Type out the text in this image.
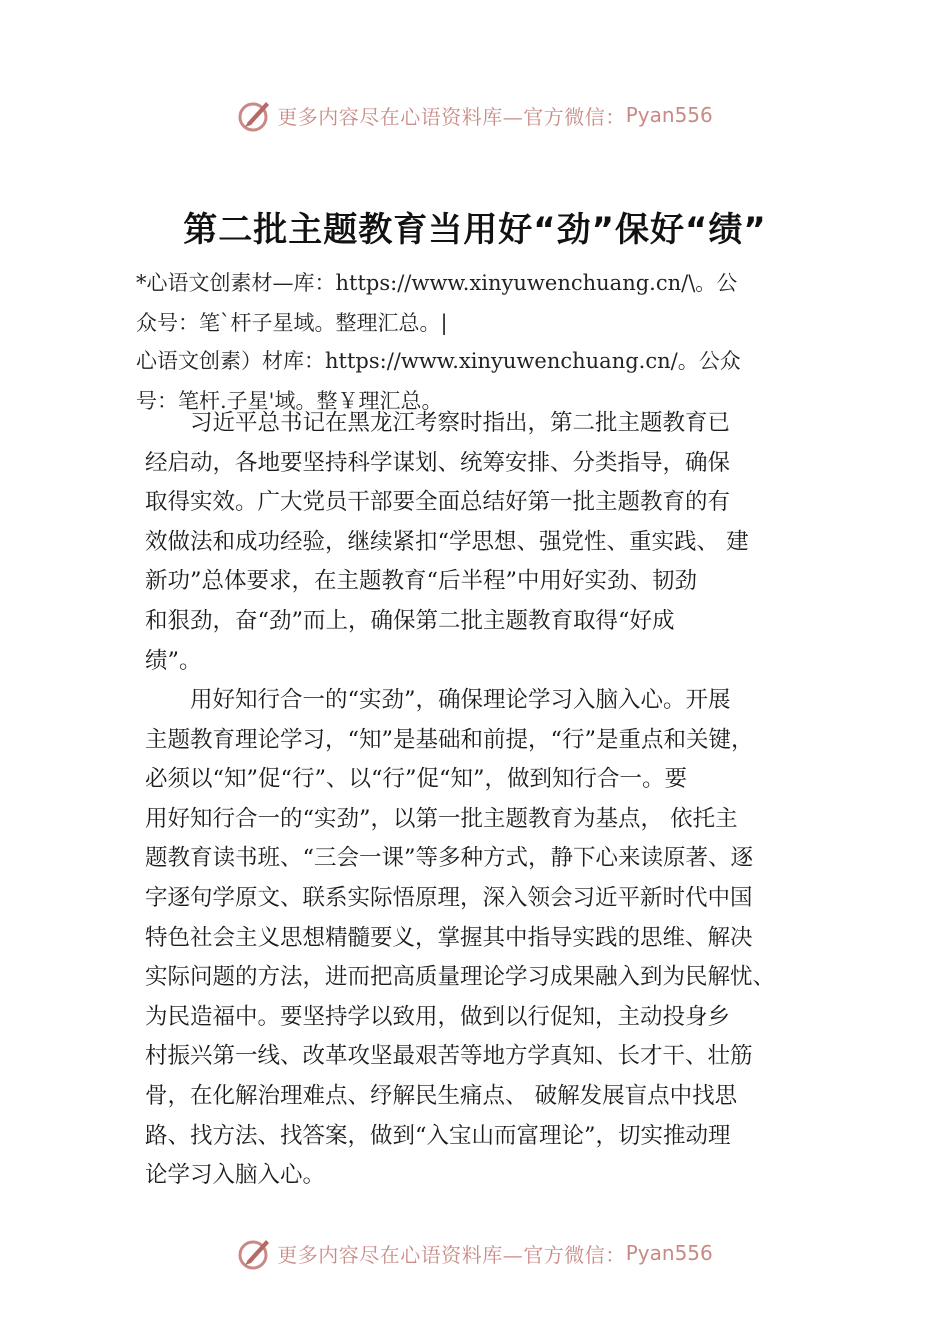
更多内容尽在心语资料库—官方微信： Pyan556
第二批主题教育当用好“劲”保好“绩”
*心语文创素材—库：https://www.xinyuwenchuang.cn/\。公
众号：笔`杆子星域。整理汇总。|
心语文创素）材库：https://www.xinyuwenchuang.cn/。公众
号：笔杆.子星'域。整￥理汇总。
　　习近平总书记在黑龙江考察时指出，第二批主题教育已
经启动，各地要坚持科学谋划、统筹安排、分类指导，确保
取得实效。广大党员干部要全面总结好第一批主题教育的有
效做法和成功经验，继续紧扣“学思想、强党性、重实践、 建
新功”总体要求，在主题教育“后半程”中用好实劲、韧劲
和狠劲，奋“劲”而上，确保第二批主题教育取得“好成
绩”。
　　用好知行合一的“实劲”，确保理论学习入脑入心。开展
主题教育理论学习，“知”是基础和前提，“行”是重点和关键，
必须以“知”促“行”、以“行”促“知”，做到知行合一。要
用好知行合一的“实劲”，以第一批主题教育为基点， 依托主
题教育读书班、“三会一课”等多种方式，静下心来读原著、逐
字逐句学原文、联系实际悟原理，深入领会习近平新时代中国
特色社会主义思想精髓要义，掌握其中指导实践的思维、解决
实际问题的方法，进而把高质量理论学习成果融入到为民解忧、
为民造福中。要坚持学以致用，做到以行促知，主动投身乡
村振兴第一线、改革攻坚最艰苦等地方学真知、长才干、壮筋
骨，在化解治理难点、纾解民生痛点、 破解发展盲点中找思
路、找方法、找答案，做到“入宝山而富理论”，切实推动理
论学习入脑入心。
更多内容尽在心语资料库—官方微信： Pyan556
